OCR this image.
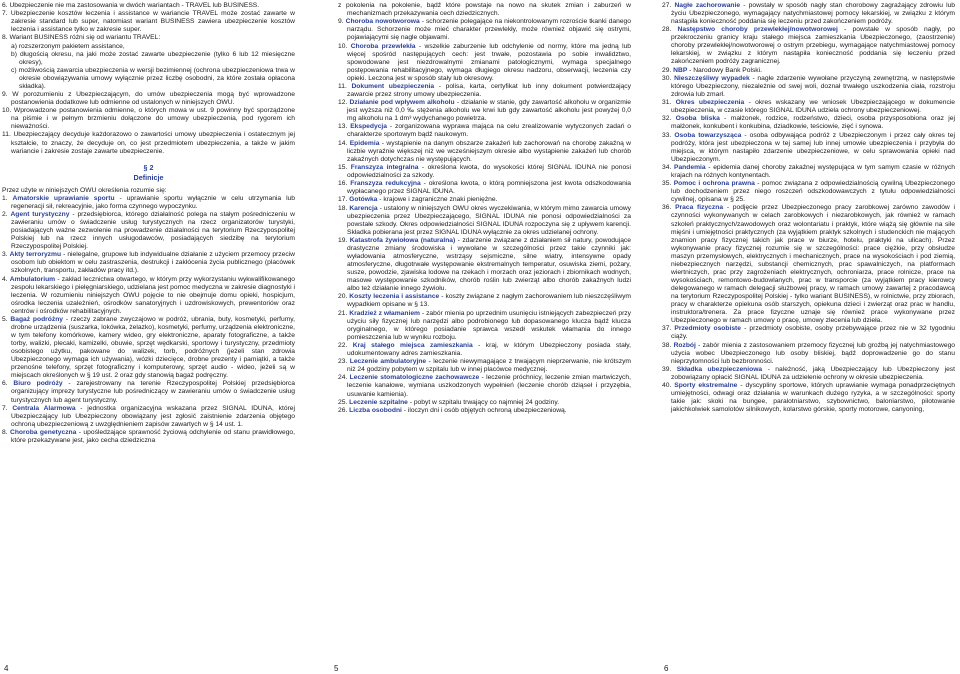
6. Ubezpieczenie nie ma zastosowania w dwóch wariantach - TRAVEL lub BUSINESS.
7. Ubezpieczenie kosztów leczenia i assistance w wariancie TRAVEL może zostać zawarte w zakresie standard lub super, natomiast wariant BUSINESS zawiera ubezpieczenie kosztów leczenia i assistance tylko w zakresie super.
8. Wariant BUSINESS różni się od wariantu TRAVEL:
a) rozszerzonym pakietem assistance,
b) długością okresu, na jaki może zostać zawarte ubezpieczenie (tylko 6 lub 12 miesięczne okresy),
c) możliwością zawarcia ubezpieczenia w wersji bezimiennej (ochrona ubezpieczeniowa trwa w okresie obowiązywania umowy wyłącznie przez liczbę osobodni, za które została opłacona składka).
9. W porozumieniu z Ubezpieczającym, do umów ubezpieczenia mogą być wprowadzone postanowienia dodatkowe lub odmienne od ustalonych w niniejszych OWU.
10. Wprowadzone postanowienia odmienne, o których mowa w ust. 9 powinny być sporządzone na piśmie i w pełnym brzmieniu dołączone do umowy ubezpieczenia, pod rygorem ich nieważności.
11. Ubezpieczający decyduje każdorazowo o zawartości umowy ubezpieczenia i ostatecznym jej kształcie, to znaczy, że decyduje on, co jest przedmiotem ubezpieczenia, a także w jakim wariancie i zakresie zostaje zawarte ubezpieczenie.
§ 2
Definicje
Przez użyte w niniejszych OWU określenia rozumie się:
1. Amatorskie uprawianie sportu - uprawianie sportu wyłącznie w celu utrzymania lub regeneracji sił, rekreacyjnie, jako forma czynnego wypoczynku.
2. Agent turystyczny - przedsiębiorca, którego działalność polega na stałym pośredniczeniu w zawieraniu umów o świadczenie usług turystycznych na rzecz organizatorów turystyki, posiadających ważne zezwolenie na prowadzenie działalności na terytorium Rzeczypospolitej Polskiej lub na rzecz innych usługodawców, posiadających siedzibę na terytorium Rzeczypospolitej Polskiej.
3. Akty terroryzmu - nielegalne, grupowe lub indywidualne działanie z użyciem przemocy przeciw osobom lub obiektom w celu zastraszenia, destrukcji i zakłócenia życia publicznego (placówek szkolnych, transportu, zakładów pracy itd.).
4. Ambulatorium - zakład lecznictwa otwartego, w którym przy wykorzystaniu wykwalifikowanego zespołu lekarskiego i pielęgniarskiego, udzielana jest pomoc medyczna w zakresie diagnostyki i leczenia. W rozumieniu niniejszych OWU pojęcie to nie obejmuje domu opieki, hospicjum, ośrodka leczenia uzależnień, ośrodków sanatoryjnych i uzdrowiskowych, prewentoriów oraz centrów i ośrodków rehabilitacyjnych.
5. Bagaż podróżny - rzeczy zabrane zwyczajowo w podróż, ubrania, buty, kosmetyki, perfumy, drobne urządzenia (suszarka, lokówka, żelazko), kosmetyki, perfumy, urządzenia elektroniczne, w tym telefony komórkowe, kamery wideo, gry elektroniczne, aparaty fotograficzne, a także torby, walizki, plecaki, kamizelki, obuwie, sprzęt wędkarski, sportowy i turystyczny, przedmioty osobistego użytku, pakowane do walizek, torb, podróżnych (jeżeli stan zdrowia Ubezpieczonego wymaga ich używania), wózki dziecięce, drobne prezenty i pamiątki, a także przenośne telefony, sprzęt fotograficzny i komputerowy, sprzęt audio - wideo, jeżeli są w miejscach określonych w § 19 ust. 2 oraz gdy stanowią bagaż podręczny.
6. Biuro podróży - zarejestrowany na terenie Rzeczypospolitej Polskiej przedsiębiorca organizujący imprezy turystyczne lub pośredniczący w zawieraniu umów o świadczenie usług turystycznych lub agent turystyczny.
7. Centrala Alarmowa - jednostka organizacyjna wskazana przez SIGNAL IDUNA, której Ubezpieczający lub Ubezpieczony obowiązany jest zgłosić zaistnienie zdarzenia objętego ochroną ubezpieczeniową z uwzględnieniem zapisów zawartych w § 14 ust. 1.
8. Choroba genetyczna - upośledzające sprawność życiową odchylenie od stanu prawidłowego, które przekazywane jest, jako cecha dziedziczna
z pokolenia na pokolenie, bądź które powstaje na nowo na skutek zmian i zaburzeń w mechanizmach przekazywania cech dziedzicznych.
9. Choroba nowotworowa - schorzenie polegające na niekontrolowanym rozroście tkanki danego narządu. Schorzenie może mieć charakter przewlekły, może również objawić się ostrymi, pojawiającymi się nagle objawami.
10. Choroba przewlekła - wszelkie zaburzenie lub odchylenie od normy, które ma jedną lub więcej spośród następujących cech: jest trwałe, pozostawia po sobie inwalidztwo, spowodowane jest niezdrowalnymi zmianami patologicznymi, wymaga specjalnego postępowania rehabilitacyjnego, wymaga długiego okresu nadzoru, obserwacji, leczenia czy opieki. Leczona jest w sposób stały lub okresowy.
11. Dokument ubezpieczenia - polisa, karta, certyfikat lub inny dokument potwierdzający zawarcie przez strony umowy ubezpieczenia.
12. Działanie pod wpływem alkoholu - działanie w stanie, gdy zawartość alkoholu w organizmie jest wyższa niż 0,0 ‰ stężenia alkoholu we krwi lub gdy zawartość alkoholu jest powyżej 0,0 mg alkoholu na 1 dm³ wydychanego powietrza.
13. Ekspedycja - zorganizowana wyprawa mająca na celu zrealizowanie wytyczonych zadań o charakterze sportowym bądź naukowym.
14. Epidemia - wystąpienie na danym obszarze zakażeń lub zachorowań na chorobę zakaźną w liczbie wyraźnie większej niż we wcześniejszym okresie albo wystąpienie zakażeń lub chorób zakaźnych dotychczas nie występujących.
15. Franszyza integralna - określona kwota, do wysokości której SIGNAL IDUNA nie ponosi odpowiedzialności za szkody.
16. Franszyza redukcyjna - określona kwota, o którą pomniejszona jest kwota odszkodowania wypłacanego przez SIGNAL IDUNA.
17. Gotówka - krajowe i zagraniczne znaki pieniężne.
18. Karencja - ustalony w niniejszych OWU okres wyczekiwania, w którym mimo zawarcia umowy ubezpieczenia przez Ubezpieczającego, SIGNAL IDUNA nie ponosi odpowiedzialności za powstałe szkody. Okres odpowiedzialności SIGNAL IDUNA rozpoczyna się z upływem karencji. Składka pobierana jest przez SIGNAL IDUNA wyłącznie za okres udzielanej ochrony.
19. Katastrofa żywiołowa (naturalna) - zdarzenie związane z działaniem sił natury, powodujące drastyczne zmiany środowiska i wywołane w szczególności przez takie czynniki jak: wyładowania atmosferyczne, wstrząsy sejsmiczne, silne wiatry, intensywne opady atmosferyczne, długotrwałe występowanie ekstremalnych temperatur, osuwiska ziemi, pożary, susze, powodzie, zjawiska lodowe na rzekach i morzach oraz jeziorach i zbiornikach wodnych, masowe występowanie szkodników, chorób roślin lub zwierząt albo chorób zakaźnych ludzi albo też działanie innego żywiołu.
20. Koszty leczenia i assistance - koszty związane z nagłym zachorowaniem lub nieszczęśliwym wypadkiem opisane w § 13.
21. Kradzież z włamaniem - zabór mienia po uprzednim usunięciu istniejących zabezpieczeń przy użyciu siły fizycznej lub narzędzi albo podrobionego lub dopasowanego klucza bądź klucza oryginalnego, w którego posiadanie sprawca wszedł wskutek włamania do innego pomieszczenia lub w wyniku rozboju.
22. Kraj stałego miejsca zamieszkania - kraj, w którym Ubezpieczony posiada stały, udokumentowany adres zamieszkania.
23. Leczenie ambulatoryjne - leczenie niewymagające z trwającym nieprzerwanie, nie krótszym niż 24 godziny pobytem w szpitalu lub w innej placówce medycznej.
24. Leczenie stomatologiczne zachowawcze - leczenie próchnicy, leczenie zmian martwiczych, leczenie kanałowe, wymiana uszkodzonych wypełnień (leczenie chorób dziąseł i przyzębia, usuwanie kamienia).
25. Leczenie szpitalne - pobyt w szpitalu trwający co najmniej 24 godziny.
26. Liczba osobodni - iloczyn dni i osób objętych ochroną ubezpieczeniową.
27. Nagłe zachorowanie - powstały w sposób nagły stan chorobowy zagrażający zdrowiu lub życiu Ubezpieczonego, wymagający natychmiastowej pomocy lekarskiej, w związku z którym nastąpiła konieczność poddania się leczeniu przed zakończeniem podróży.
28. Następstwo choroby przewlekłej/nowotworowej - powstałe w sposób nagły, po przekroczeniu granicy kraju stałego miejsca zamieszkania Ubezpieczonego, (zaostrzenie) choroby przewlekłej/nowotworowej o ostrym przebiegu, wymagające natychmiastowej pomocy lekarskiej, w związku z którym nastąpiła konieczność poddania się leczeniu przed zakończeniem podróży zagranicznej.
29. NBP - Narodowy Bank Polski.
30. Nieszczęśliwy wypadek - nagłe zdarzenie wywołane przyczyną zewnętrzną, w następstwie którego Ubezpieczony, niezależnie od swej woli, doznał trwałego uszkodzenia ciała, rozstroju zdrowia lub zmarł.
31. Okres ubezpieczenia - okres wskazany we wniosek Ubezpieczającego w dokumencie ubezpieczenia, w czasie którego SIGNAL IDUNA udziela ochrony ubezpieczeniowej.
32. Osoba bliska - małżonek, rodzice, rodzeństwo, dzieci, osoba przysposobiona oraz jej małżonek, konkubent i konkubina, dziadkowie, teściowie, zięć i synowa.
33. Osoba towarzysząca - osoba odbywająca podróż z Ubezpieczonym i przez cały okres tej podróży, która jest ubezpieczona w tej samej lub innej umowie ubezpieczenia i przybyła do miejsca, w którym nastąpiło zdarzenie ubezpieczeniowe, w celu sprawowania opieki nad Ubezpieczonym.
34. Pandemia - epidemia danej choroby zakaźnej występująca w tym samym czasie w różnych krajach na różnych kontynentach.
35. Pomoc i ochrona prawna - pomoc związana z odpowiedzialnością cywilną Ubezpieczonego lub dochodzeniem przez niego roszczeń odszkodowawczych z tytułu odpowiedzialności cywilnej, opisana w § 25.
36. Praca fizyczna - podjęcie przez Ubezpieczonego pracy zarobkowej zarówno zawodów i czynności wykonywanych w celach zarobkowych i niezarobkowych, jak również w ramach szkoleń praktycznych/zawodowych oraz wolontariatu i praktyk, które wiążą się głównie na sile mięśni i umiejętności praktycznych (za wyjątkiem praktyk szkolnych i studenckich nie mających znamion pracy fizycznej takich jak prace w biurze, hotelu, praktyki na ulicach). Przez wykonywanie pracy fizycznej rozumie się w szczególności: prace ciężkie, przy obsłudze maszyn przemysłowych, elektrycznych i mechanicznych, prace na wysokościach i pod ziemią, niebezpiecznych narzędzi, substancji chemicznych, prac spawalniczych, na platformach wiertniczych, prac przy zagrożeniach elektrycznych, ochroniarza, prace rolnicze, prace na wysokościach, remontowo-budowlanych, prac w transporcie (za wyjątkiem pracy kierowcy delegowanego w ramach delegacji służbowej pracy, w ramach umowy zawartej z pracodawcą na terytorium Rzeczypospolitej Polskiej - tylko wariant BUSINESS), w rolnictwie, przy zbiorach, pracy w charakterze opiekuna osób starszych, opiekuna dzieci i zwierząt oraz prac w handlu, instruktora/trenera. Za prace fizyczne uznaje się również prace wykonywane przez Ubezpieczonego w ramach umowy o pracę, umowy zlecenia lub dzieła.
37. Przedmioty osobiste - przedmioty osobiste, osoby przebywające przez nie w 32 tygodniu ciąży.
38. Rozbój - zabór mienia z zastosowaniem przemocy fizycznej lub groźbą jej natychmiastowego użycia wobec Ubezpieczonego lub osoby bliskiej, bądź doprowadzenie go do stanu nieprzytomności lub bezbronności.
39. Składka ubezpieczeniowa - należność, jaką Ubezpieczający lub Ubezpieczony jest zobowiązany opłacić SIGNAL IDUNA za udzielenie ochrony w okresie ubezpieczenia.
40. Sporty ekstremalne - dyscypliny sportowe, których uprawianie wymaga ponadprzeciętnych umiejętności, odwagi oraz działania w warunkach dużego ryzyka, a w szczególności: sporty takie jak: skoki na bungee, paralotniarstwo, szybownictwo, baloniarstwo, pilotowanie jakichkolwiek samolotów silnikowych, kolarstwo górskie, sporty motorowe, canyoning,
4	5	6
